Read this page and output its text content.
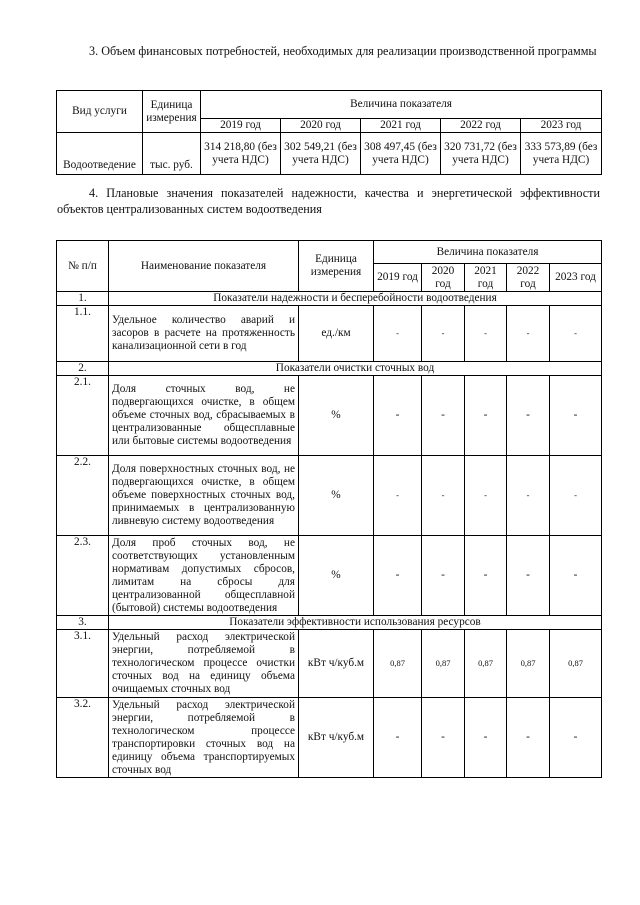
3. Объем финансовых потребностей, необходимых для реализации производственной программы
Вид услуги	Единица измерения	Величина показателя				
		2019 год	2020 год	2021 год	2022 год	2023 год
Водоотведение	тыс. руб.	314 218,80 (без учета НДС)	302 549,21 (без учета НДС)	308 497,45 (без учета НДС)	320 731,72 (без учета НДС)	333 573,89 (без учета НДС)
4. Плановые значения показателей надежности, качества и энергетической эффективности объектов централизованных систем водоотведения
№ п/п	Наименование показателя	Единица измерения	Величина показателя				
			2019 год	2020 год	2021 год	2022 год	2023 год
1.	Показатели надежности и бесперебойности водоотведения						
1.1.	Удельное количество аварий и засоров в расчете на протяженность канализационной сети в год	ед./км	-	-	-	-	-
2.	Показатели очистки сточных вод						
2.1.	Доля сточных вод, не подвергающихся очистке, в общем объеме сточных вод, сбрасываемых в централизованные общесплавные или бытовые системы водоотведения	%	-	-	-	-	-
2.2.	Доля поверхностных сточных вод, не подвергающихся очистке, в общем объеме поверхностных сточных вод, принимаемых в централизованную ливневую систему водоотведения	%	-	-	-	-	-
2.3.	Доля проб сточных вод, не соответствующих установленным нормативам допустимых сбросов, лимитам на сбросы для централизованной общесплавной (бытовой) системы водоотведения	%	-	-	-	-	-
3.	Показатели эффективности использования ресурсов						
3.1.	Удельный расход электрической энергии, потребляемой в технологическом процессе очистки сточных вод на единицу объема очищаемых сточных вод	кВт ч/куб.м	0,87	0,87	0,87	0,87	0,87
3.2.	Удельный расход электрической энергии, потребляемой в технологическом процессе транспортировки сточных вод на единицу объема транспортируемых сточных вод	кВт ч/куб.м	-	-	-	-	-
